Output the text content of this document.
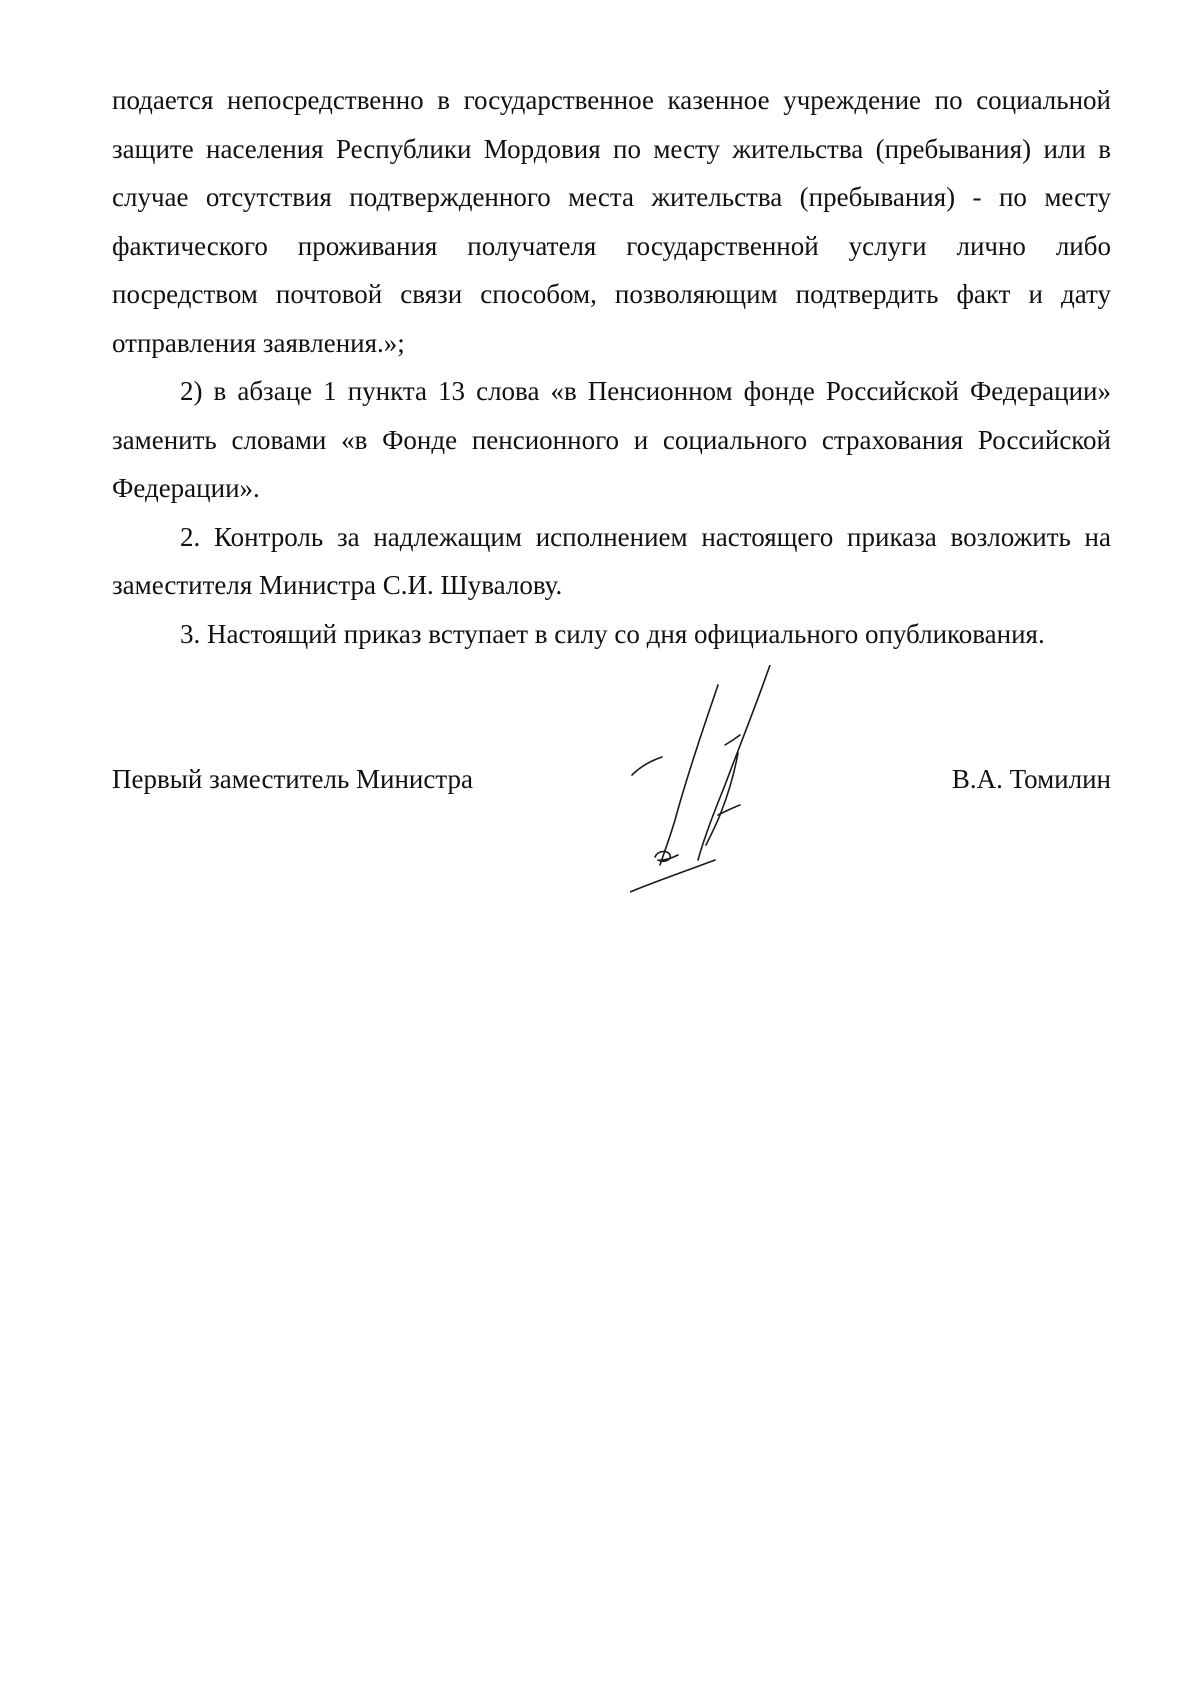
подается непосредственно в государственное казенное учреждение по социальной защите населения Республики Мордовия по месту жительства (пребывания) или в случае отсутствия подтвержденного места жительства (пребывания) - по месту фактического проживания получателя государственной услуги лично либо посредством почтовой связи способом, позволяющим подтвердить факт и дату отправления заявления.»;

2) в абзаце 1 пункта 13 слова «в Пенсионном фонде Российской Федерации» заменить словами «в Фонде пенсионного и социального страхования Российской Федерации».

2. Контроль за надлежащим исполнением настоящего приказа возложить на заместителя Министра С.И. Шувалову.

3. Настоящий приказ вступает в силу со дня официального опубликования.

Первый заместитель Министра	В.А. Томилин
